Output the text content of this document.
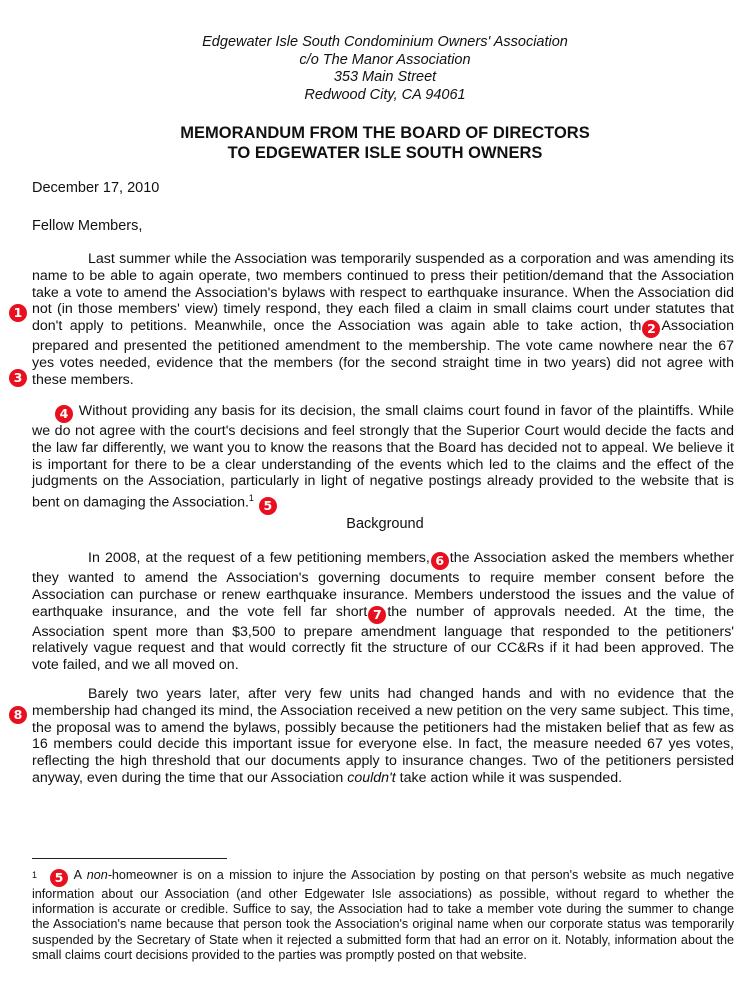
Edgewater Isle South Condominium Owners' Association
c/o The Manor Association
353 Main Street
Redwood City, CA 94061
MEMORANDUM FROM THE BOARD OF DIRECTORS
TO EDGEWATER ISLE SOUTH OWNERS
December 17, 2010
Fellow Members,

Last summer while the Association was temporarily suspended as a corporation and was amending its name to be able to again operate, two members continued to press their petition/demand that the Association take a vote to amend the Association's bylaws with respect to earthquake insurance. When the Association did not (in those members' view) timely respond, they each filed a claim in small claims court under statutes that don't apply to petitions. Meanwhile, once the Association was again able to take action, th 2 Association prepared and presented the petitioned amendment to the membership. The vote came nowhere near the 67 yes votes needed, evidence that the members (for the second straight time in two years) did not agree with these members.

1
3

4 Without providing any basis for its decision, the small claims court found in favor of the plaintiffs. While we do not agree with the court's decisions and feel strongly that the Superior Court would decide the facts and the law far differently, we want you to know the reasons that the Board has decided not to appeal. We believe it is important for there to be a clear understanding of the events which led to the claims and the effect of the judgments on the Association, particularly in light of negative postings already provided to the website that is bent on damaging the Association.$^1$ 5

Background

In 2008, at the request of a few petitioning members, 6 the Association asked the members whether they wanted to amend the Association's governing documents to require member consent before the Association can purchase or renew earthquake insurance. Members understood the issues and the value of earthquake insurance, and the vote fell far short 7 the number of approvals needed. At the time, the Association spent more than $3,500 to prepare amendment language that responded to the petitioners' relatively vague request and that would correctly fit the structure of our CC&Rs if it had been approved. The vote failed, and we all moved on.

Barely two years later, after very few units had changed hands and with no evidence that the membership had changed its mind, the Association received a new petition on the very same subject. This time, the proposal was to amend the bylaws, possibly because the petitioners had the mistaken belief that as few as 16 members could decide this important issue for everyone else. In fact, the measure needed 67 yes votes, reflecting the high threshold that our documents apply to insurance changes. Two of the petitioners persisted anyway, even during the time that our Association couldn't take action while it was suspended.

8

$^1$ 5 A non-homeowner is on a mission to injure the Association by posting on that person's website as much negative information about our Association (and other Edgewater Isle associations) as possible, without regard to whether the information is accurate or credible. Suffice to say, the Association had to take a member vote during the summer to change the Association's name because that person took the Association's original name when our corporate status was temporarily suspended by the Secretary of State when it rejected a submitted form that had an error on it. Notably, information about the small claims court decisions provided to the parties was promptly posted on that website.
